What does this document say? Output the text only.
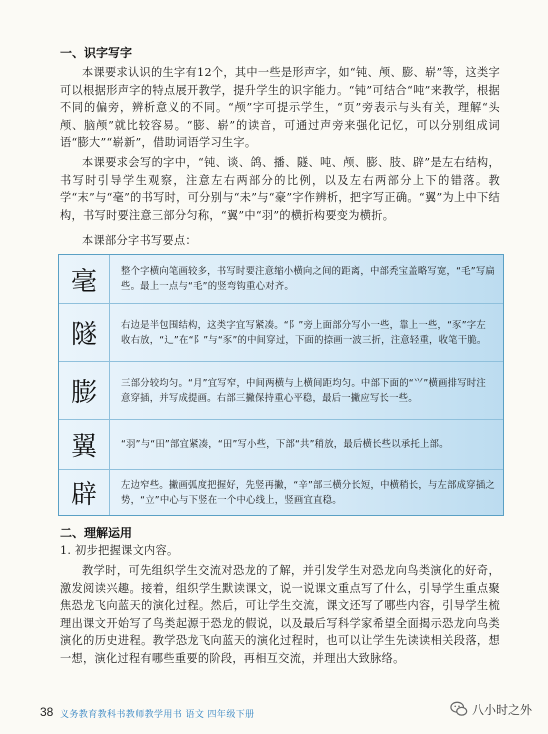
一、识字写字
本课要求认识的生字有12个，其中一些是形声字，如“钝、颅、膨、崭”等，这类字可以根据形声字的特点展开教学，提升学生的识字能力。“钝”可结合“吨”来教学，根据不同的偏旁，辨析意义的不同。“颅”字可提示学生，“页”旁表示与头有关，理解“头颅、脑颅”就比较容易。“膨、崭”的读音，可通过声旁来强化记忆，可以分别组成词语“膨大”“崭新”，借助词语学习生字。
本课要求会写的字中，“钝、谈、鸽、播、隧、吨、颅、膨、肢、辟”是左右结构，书写时引导学生观察，注意左右两部分的比例，以及左右两部分上下的错落。教学“末”与“毫”的书写时，可分别与“未”与“豪”字作辨析，把字写正确。“翼”为上中下结构，书写时要注意三部分匀称，“翼”中“羽”的横折构要变为横折。
本课部分字书写要点：
毫	整个字横向笔画较多，书写时要注意缩小横向之间的距离，中部秃宝盖略写宽，“毛”写扁些。最上一点与“毛”的竖弯钩重心对齐。
隧	右边是半包围结构，这类字宜写紧凑。“阝”旁上面部分写小一些，靠上一些，“豕”字左收右放，“辶”在“阝”与“豕”的中间穿过，下面的捺画一波三折，注意轻重，收笔干脆。
膨	三部分较均匀。“月”宜写窄，中间两横与上横间距均匀。中部下面的“⺍”横画排写时注意穿插，并写成提画。右部三撇保持重心平稳，最后一撇应写长一些。
翼	“羽”与“田”部宜紧凑，“田”写小些，下部“共”稍放，最后横长些以承托上部。
辟	左边窄些。撇画弧度把握好，先竖再撇，“辛”部三横分长短，中横稍长，与左部成穿插之势，“立”中心与下竖在一个中心线上，竖画宜直稳。
二、理解运用
1. 初步把握课文内容。
教学时，可先组织学生交流对恐龙的了解，并引发学生对恐龙向鸟类演化的好奇，激发阅读兴趣。接着，组织学生默读课文，说一说课文重点写了什么，引导学生重点聚焦恐龙飞向蓝天的演化过程。然后，可让学生交流，课文还写了哪些内容，引导学生梳理出课文开始写了鸟类起源于恐龙的假说，以及最后写科学家希望全面揭示恐龙向鸟类演化的历史进程。教学恐龙飞向蓝天的演化过程时，也可以让学生先读读相关段落，想一想，演化过程有哪些重要的阶段，再相互交流，并理出大致脉络。
38 义务教育教科书教师教学用书 语文 四年级下册	八小时之外
